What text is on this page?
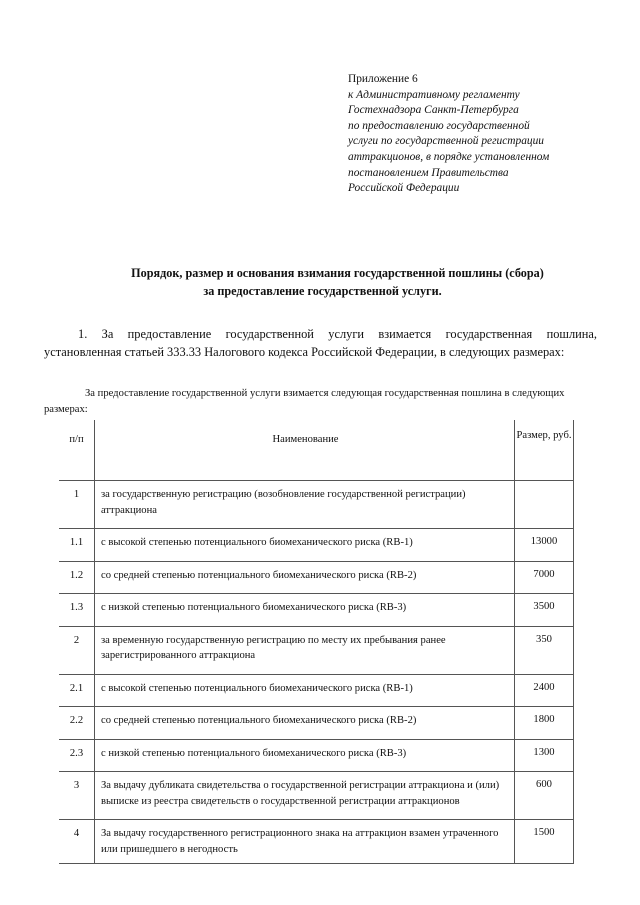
Приложение 6
к Административному регламенту
Гостехнадзора Санкт-Петербурга
по предоставлению государственной
услуги по государственной регистрации
аттракционов, в порядке установленном
постановлением Правительства
Российской Федерации
Порядок, размер и основания взимания государственной пошлины (сбора)
за предоставление государственной услуги.
1. За предоставление государственной услуги взимается государственная пошлина, установленная статьей 333.33 Налогового кодекса Российской Федерации, в следующих размерах:
За предоставление государственной услуги взимается следующая государственная пошлина в следующих размерах:
п/п	Наименование	Размер, руб.
1	за государственную регистрацию (возобновление государственной регистрации) аттракциона	
1.1	с высокой степенью потенциального биомеханического риска (RB-1)	13000
1.2	со средней степенью потенциального биомеханического риска (RB-2)	7000
1.3	с низкой степенью потенциального биомеханического риска (RB-3)	3500
2	за временную государственную регистрацию по месту их пребывания ранее зарегистрированного аттракциона	350
2.1	с высокой степенью потенциального биомеханического риска (RB-1)	2400
2.2	со средней степенью потенциального биомеханического риска (RB-2)	1800
2.3	с низкой степенью потенциального биомеханического риска (RB-3)	1300
3	За выдачу дубликата свидетельства о государственной регистрации аттракциона и (или) выписке из реестра свидетельств о государственной регистрации аттракционов	600
4	За выдачу государственного регистрационного знака на аттракцион взамен утраченного или пришедшего в негодность	1500
